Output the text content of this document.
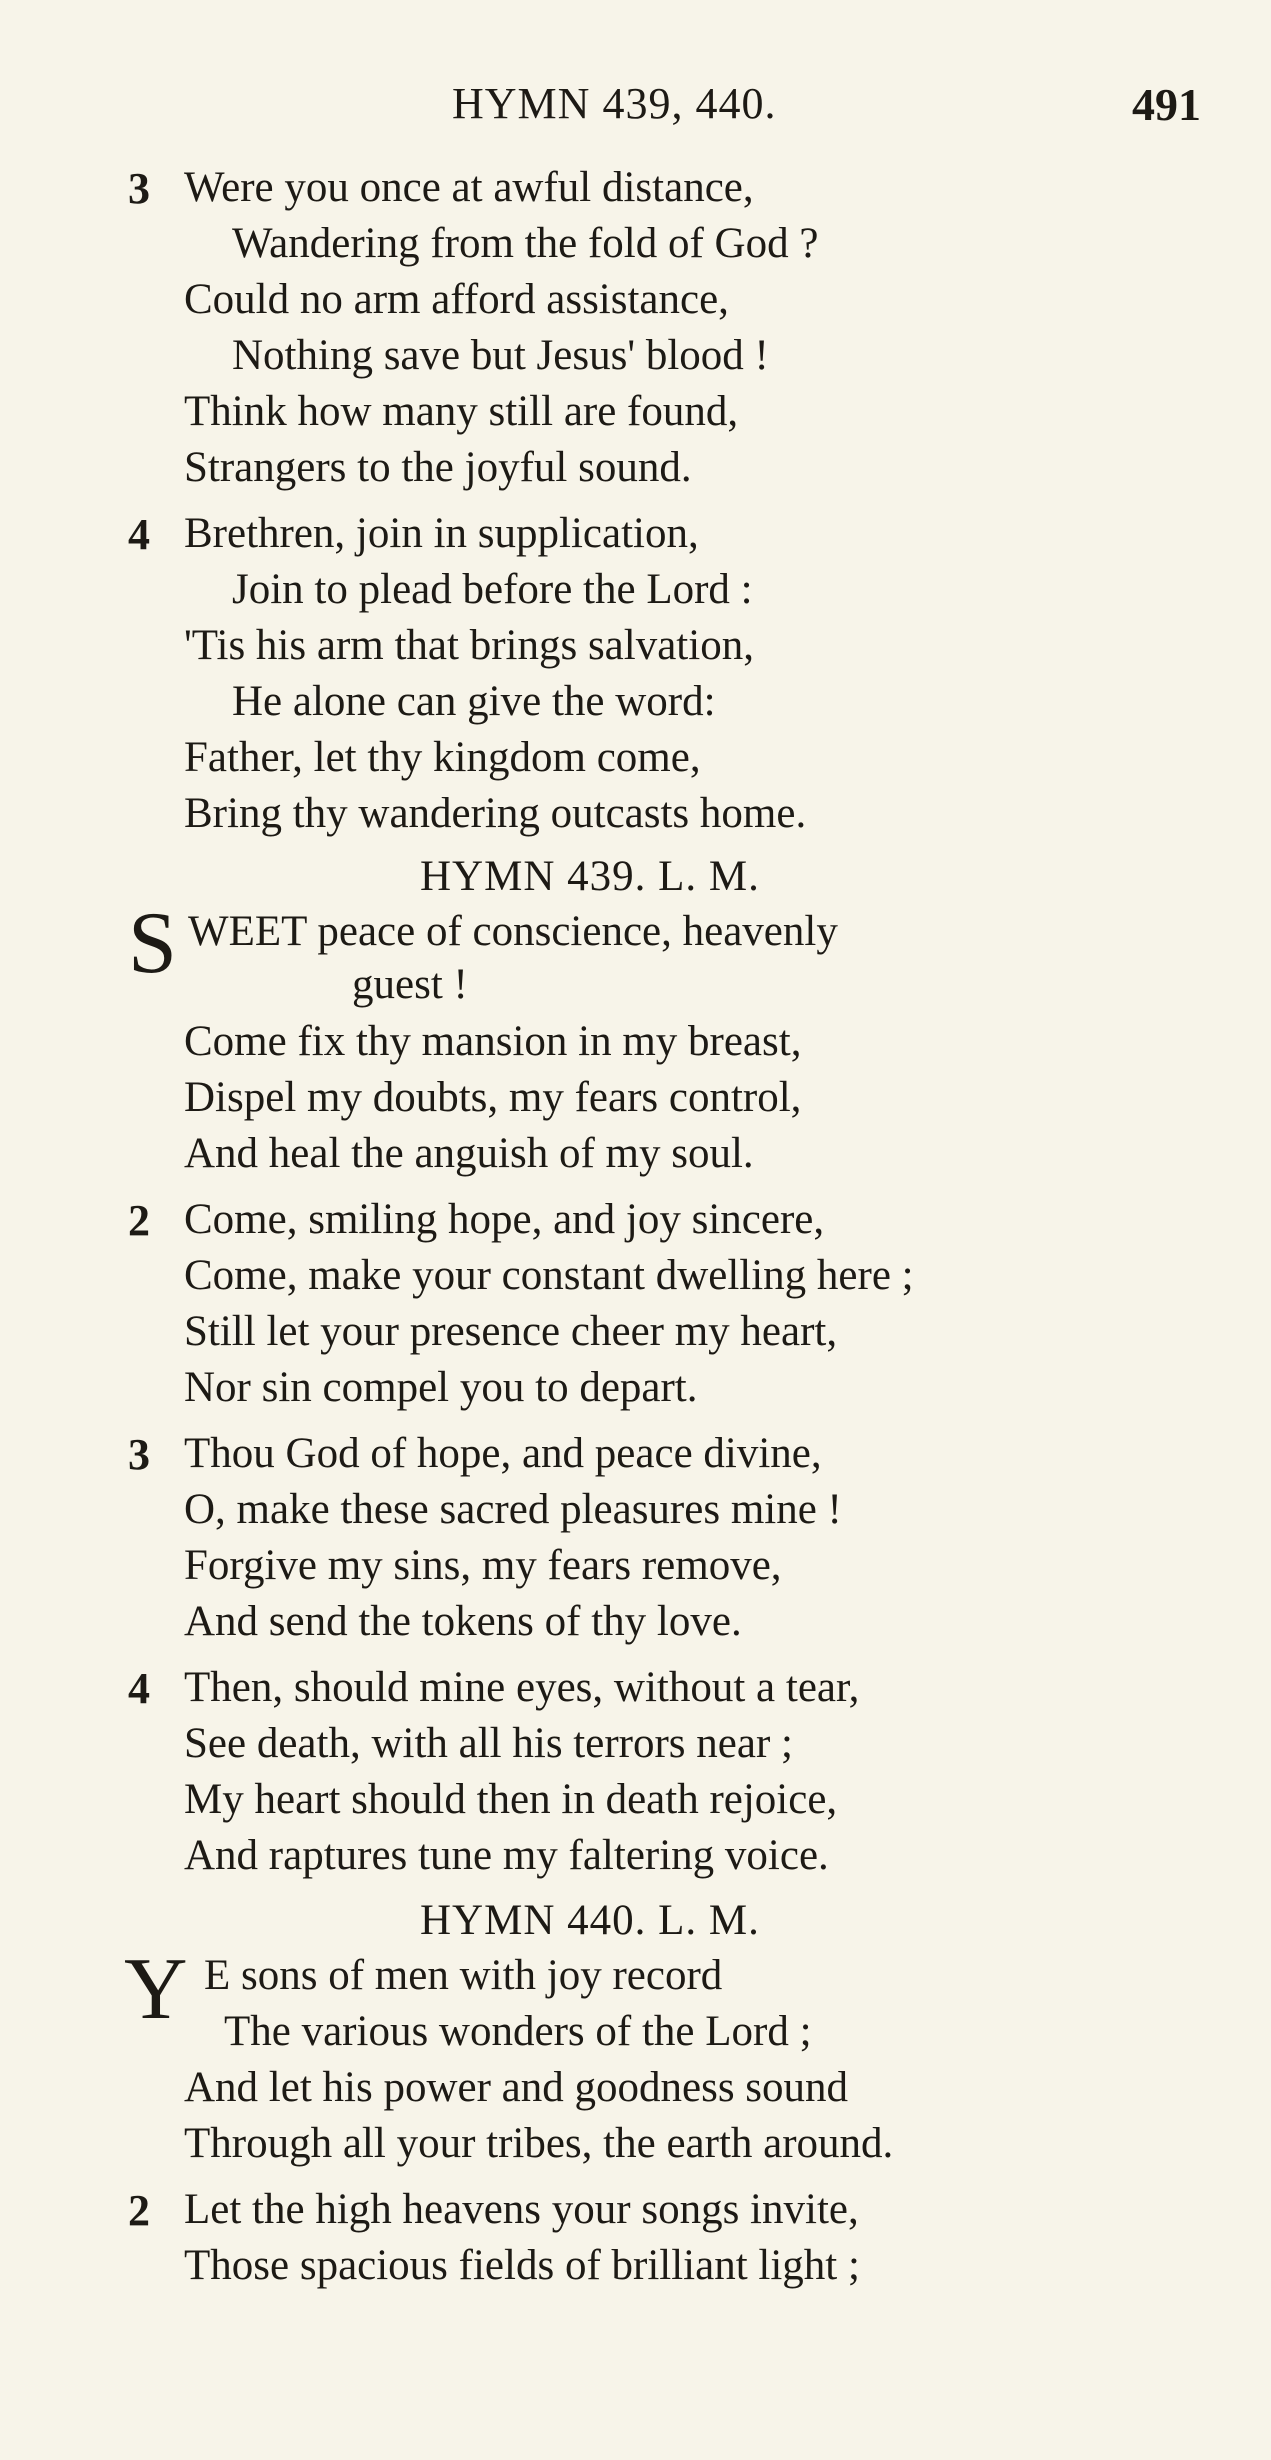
HYMN 439, 440.	491
3 Were you once at awful distance,
Wandering from the fold of God ?
Could no arm afford assistance,
Nothing save but Jesus' blood !
Think how many still are found,
Strangers to the joyful sound.
4 Brethren, join in supplication,
Join to plead before the Lord :
'Tis his arm that brings salvation,
He alone can give the word:
Father, let thy kingdom come,
Bring thy wandering outcasts home.
HYMN 439. L. M.
S WEET peace of conscience, heavenly
guest !
Come fix thy mansion in my breast,
Dispel my doubts, my fears control,
And heal the anguish of my soul.
2 Come, smiling hope, and joy sincere,
Come, make your constant dwelling here ;
Still let your presence cheer my heart,
Nor sin compel you to depart.
3 Thou God of hope, and peace divine,
O, make these sacred pleasures mine !
Forgive my sins, my fears remove,
And send the tokens of thy love.
4 Then, should mine eyes, without a tear,
See death, with all his terrors near ;
My heart should then in death rejoice,
And raptures tune my faltering voice.
HYMN 440. L. M.
Y E sons of men with joy record
The various wonders of the Lord ;
And let his power and goodness sound
Through all your tribes, the earth around.
2 Let the high heavens your songs invite,
Those spacious fields of brilliant light ;
